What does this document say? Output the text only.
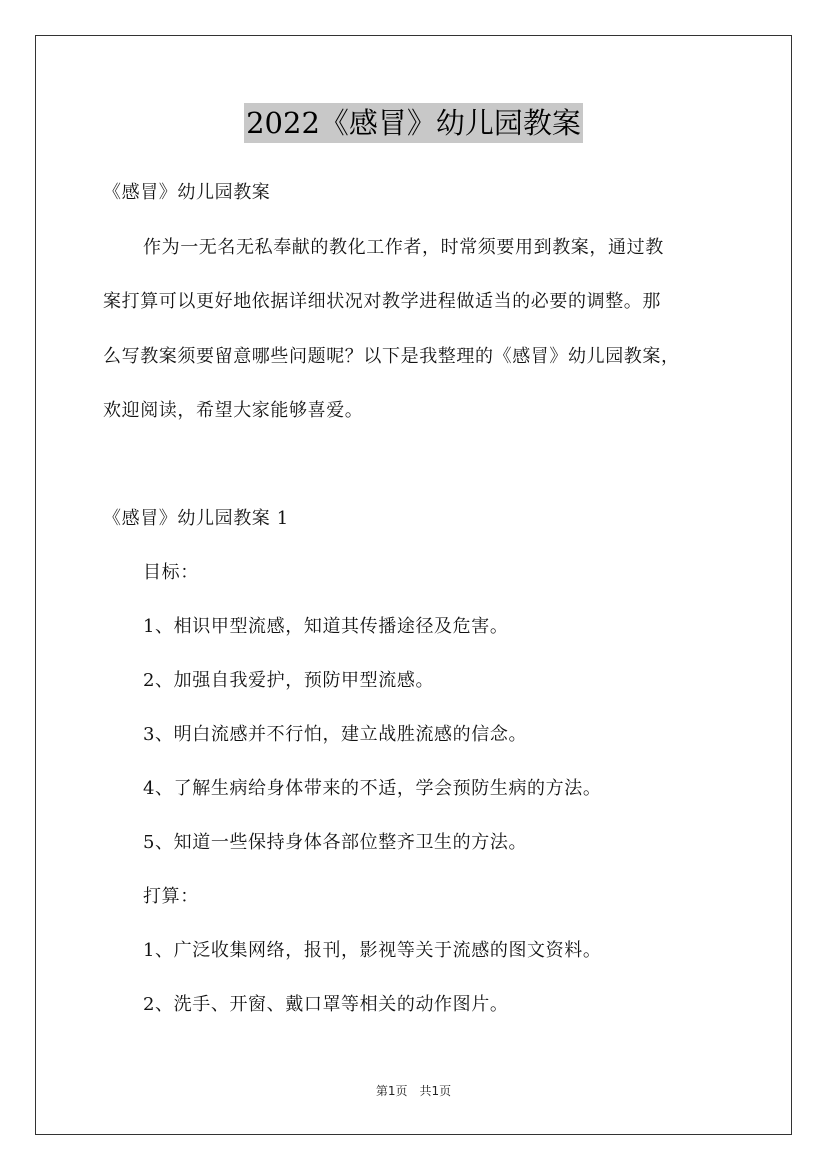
2022《感冒》幼儿园教案
《感冒》幼儿园教案
作为一无名无私奉献的教化工作者，时常须要用到教案，通过教
案打算可以更好地依据详细状况对教学进程做适当的必要的调整。那
么写教案须要留意哪些问题呢？以下是我整理的《感冒》幼儿园教案，
欢迎阅读，希望大家能够喜爱。
《感冒》幼儿园教案 1
目标：
1、相识甲型流感，知道其传播途径及危害。
2、加强自我爱护，预防甲型流感。
3、明白流感并不行怕，建立战胜流感的信念。
4、了解生病给身体带来的不适，学会预防生病的方法。
5、知道一些保持身体各部位整齐卫生的方法。
打算：
1、广泛收集网络，报刊，影视等关于流感的图文资料。
2、洗手、开窗、戴口罩等相关的动作图片。
第1页　共1页
